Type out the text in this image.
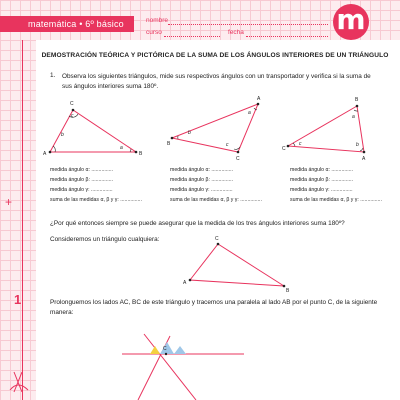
matemática • 6º básico	nombre
curso	fecha	m
+
1
DEMOSTRACIÓN TEÓRICA Y PICTÓRICA DE LA SUMA DE LOS ÁNGULOS INTERIORES DE UN TRIÁNGULO
1. Observa los siguientes triángulos, mide sus respectivos ángulos con un transportador y verifica si la suma de sus ángulos interiores suma 180º.
A
C
B
c
b
a
B
A
C
b
a
c
C
B
A
c
a
b
A
C
B
C
medida ángulo α: ...............
medida ángulo β: ...............
medida ángulo γ: ...............
suma de las medidas α, β y γ: ...............
medida ángulo α: ...............
medida ángulo β: ...............
medida ángulo γ: ...............
suma de las medidas α, β y γ: ...............
medida ángulo α: ...............
medida ángulo β: ...............
medida ángulo γ: ...............
suma de las medidas α, β y γ: ...............
¿Por qué entonces siempre se puede asegurar que la medida de los tres ángulos interiores suma 180º?
Consideremos un triángulo cualquiera:
Prolonguemos los lados AC, BC de este triángulo y tracemos una paralela al lado AB por el punto C, de la siguiente manera:
